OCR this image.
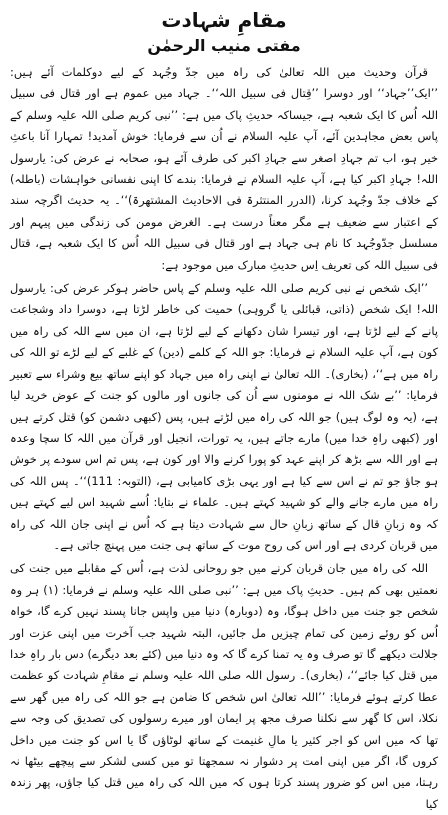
مقامِ شہادت
مفتی منیب الرحمٰن

قرآن وحدیث میں اللہ تعالیٰ کی راہ میں جدّ وجُہد کے لیے دوکلمات آئے ہیں: ’’ایک’’جہاد‘‘ اور دوسرا ’’قِتال فی سبیل اللہ‘‘۔ جہاد میں عموم ہے اور قتال فی سبیل اللہ اُس کا ایک شعبہ ہے، جیساکہ حدیثِ پاک میں ہے: ’’نبی کریم صلی اللہ علیہ وسلم کے پاس بعض مجاہدین آئے، آپ علیہ السلام نے اُن سے فرمایا: خوش آمدید! تمہارا آنا باعثِ خیر ہو، اب تم جہادِ اصغر سے جہادِ اکبر کی طرف آئے ہو، صحابہ نے عرض کی: یارسول اللہ! جہادِ اکبر کیا ہے، آپ علیہ السلام نے فرمایا: بندے کا اپنی نفسانی خواہشات (باطلہ) کے خلاف جدّ وجُہد کرنا، (الدرر المنتثرۃ فی الاحادیث المشتھرۃ)‘‘۔ یہ حدیث اگرچہ سند کے اعتبار سے ضعیف ہے مگر معناً درست ہے۔ الغرض مومن کی زندگی میں پیہم اور مسلسل جدّوجُہد کا نام ہی جہاد ہے اور قتال فی سبیل اللہ اُس کا ایک شعبہ ہے، قتال فی سبیل اللہ کی تعریف اِس حدیثِ مبارک میں موجود ہے:

’’ایک شخص نے نبی کریم صلی اللہ علیہ وسلم کے پاس حاضر ہوکر عرض کی: یارسول اللہ! ایک شخص (ذاتی، قبائلی یا گروہی) حمیت کی خاطر لڑتا ہے، دوسرا داد وشجاعت پانے کے لیے لڑتا ہے، اور تیسرا شان دکھانے کے لیے لڑتا ہے، ان میں سے اللہ کی راہ میں کون ہے، آپ علیہ السلام نے فرمایا: جو اللہ کے کلمے (دین) کے غلبے کے لیے لڑے تو اللہ کی راہ میں ہے‘‘، (بخاری)۔ اللہ تعالیٰ نے اپنی راہ میں جہاد کو اپنے ساتھ بیع وشراء سے تعبیر فرمایا: ’’بے شک اللہ نے مومنوں سے اُن کی جانوں اور مالوں کو جنت کے عوض خرید لیا ہے، (یہ وہ لوگ ہیں) جو اللہ کی راہ میں لڑتے ہیں، پس (کبھی دشمن کو) قتل کرتے ہیں اور (کبھی راہِ خدا میں) مارے جاتے ہیں، یہ تورات، انجیل اور قرآن میں اللہ کا سچا وعدہ ہے اور اللہ سے بڑھ کر اپنے عہد کو پورا کرنے والا اور کون ہے، پس تم اس سودے پر خوش ہو جاؤ جو تم نے اس سے کیا ہے اور یہی بڑی کامیابی ہے، (التوبہ: 111)‘‘۔ پس اللہ کی راہ میں مارے جانے والے کو شہید کہتے ہیں۔ علماء نے بتایا: اُسے شہید اس لیے کہتے ہیں کہ وہ زبانِ قال کے ساتھ زبانِ حال سے شہادت دیتا ہے کہ اُس نے اپنی جان اللہ کی راہ میں قربان کردی ہے اور اس کی روح موت کے ساتھ ہی جنت میں پہنچ جاتی ہے۔

اللہ کی راہ میں جان قربان کرنے میں جو روحانی لذت ہے، اُس کے مقابلے میں جنت کی نعمتیں بھی کم ہیں۔ حدیثِ پاک میں ہے: ’’نبی صلی اللہ علیہ وسلم نے فرمایا: (۱) ہر وہ شخص جو جنت میں داخل ہوگا، وہ (دوبارہ) دنیا میں واپس جانا پسند نہیں کرے گا، خواہ اُس کو روئے زمین کی تمام چیزیں مل جائیں، البتہ شہید جب آخرت میں اپنی عزت اور جلالت دیکھے گا تو صرف وہ یہ تمنا کرے گا کہ وہ دنیا میں (کئے بعد دیگرے) دس بار راہِ خدا میں قتل کیا جائے‘‘، (بخاری)۔ رسول اللہ صلی اللہ علیہ وسلم نے مقامِ شہادت کو عظمت عطا کرتے ہوئے فرمایا: ’’اللہ تعالیٰ اس شخص کا ضامن ہے جو اللہ کی راہ میں گھر سے نکلا، اس کا گھر سے نکلنا صرف مجھ پر ایمان اور میرے رسولوں کی تصدیق کی وجہ سے تھا کہ میں اس کو اجر کثیر یا مالِ غنیمت کے ساتھ لوٹاؤں گا یا اس کو جنت میں داخل کروں گا، اگر میں اپنی امت پر دشوار نہ سمجھتا تو میں کسی لشکر سے پیچھے بیٹھا نہ رہتا، میں اس کو ضرور پسند کرتا ہوں کہ میں اللہ کی راہ میں قتل کیا جاؤں، پھر زندہ کیا
